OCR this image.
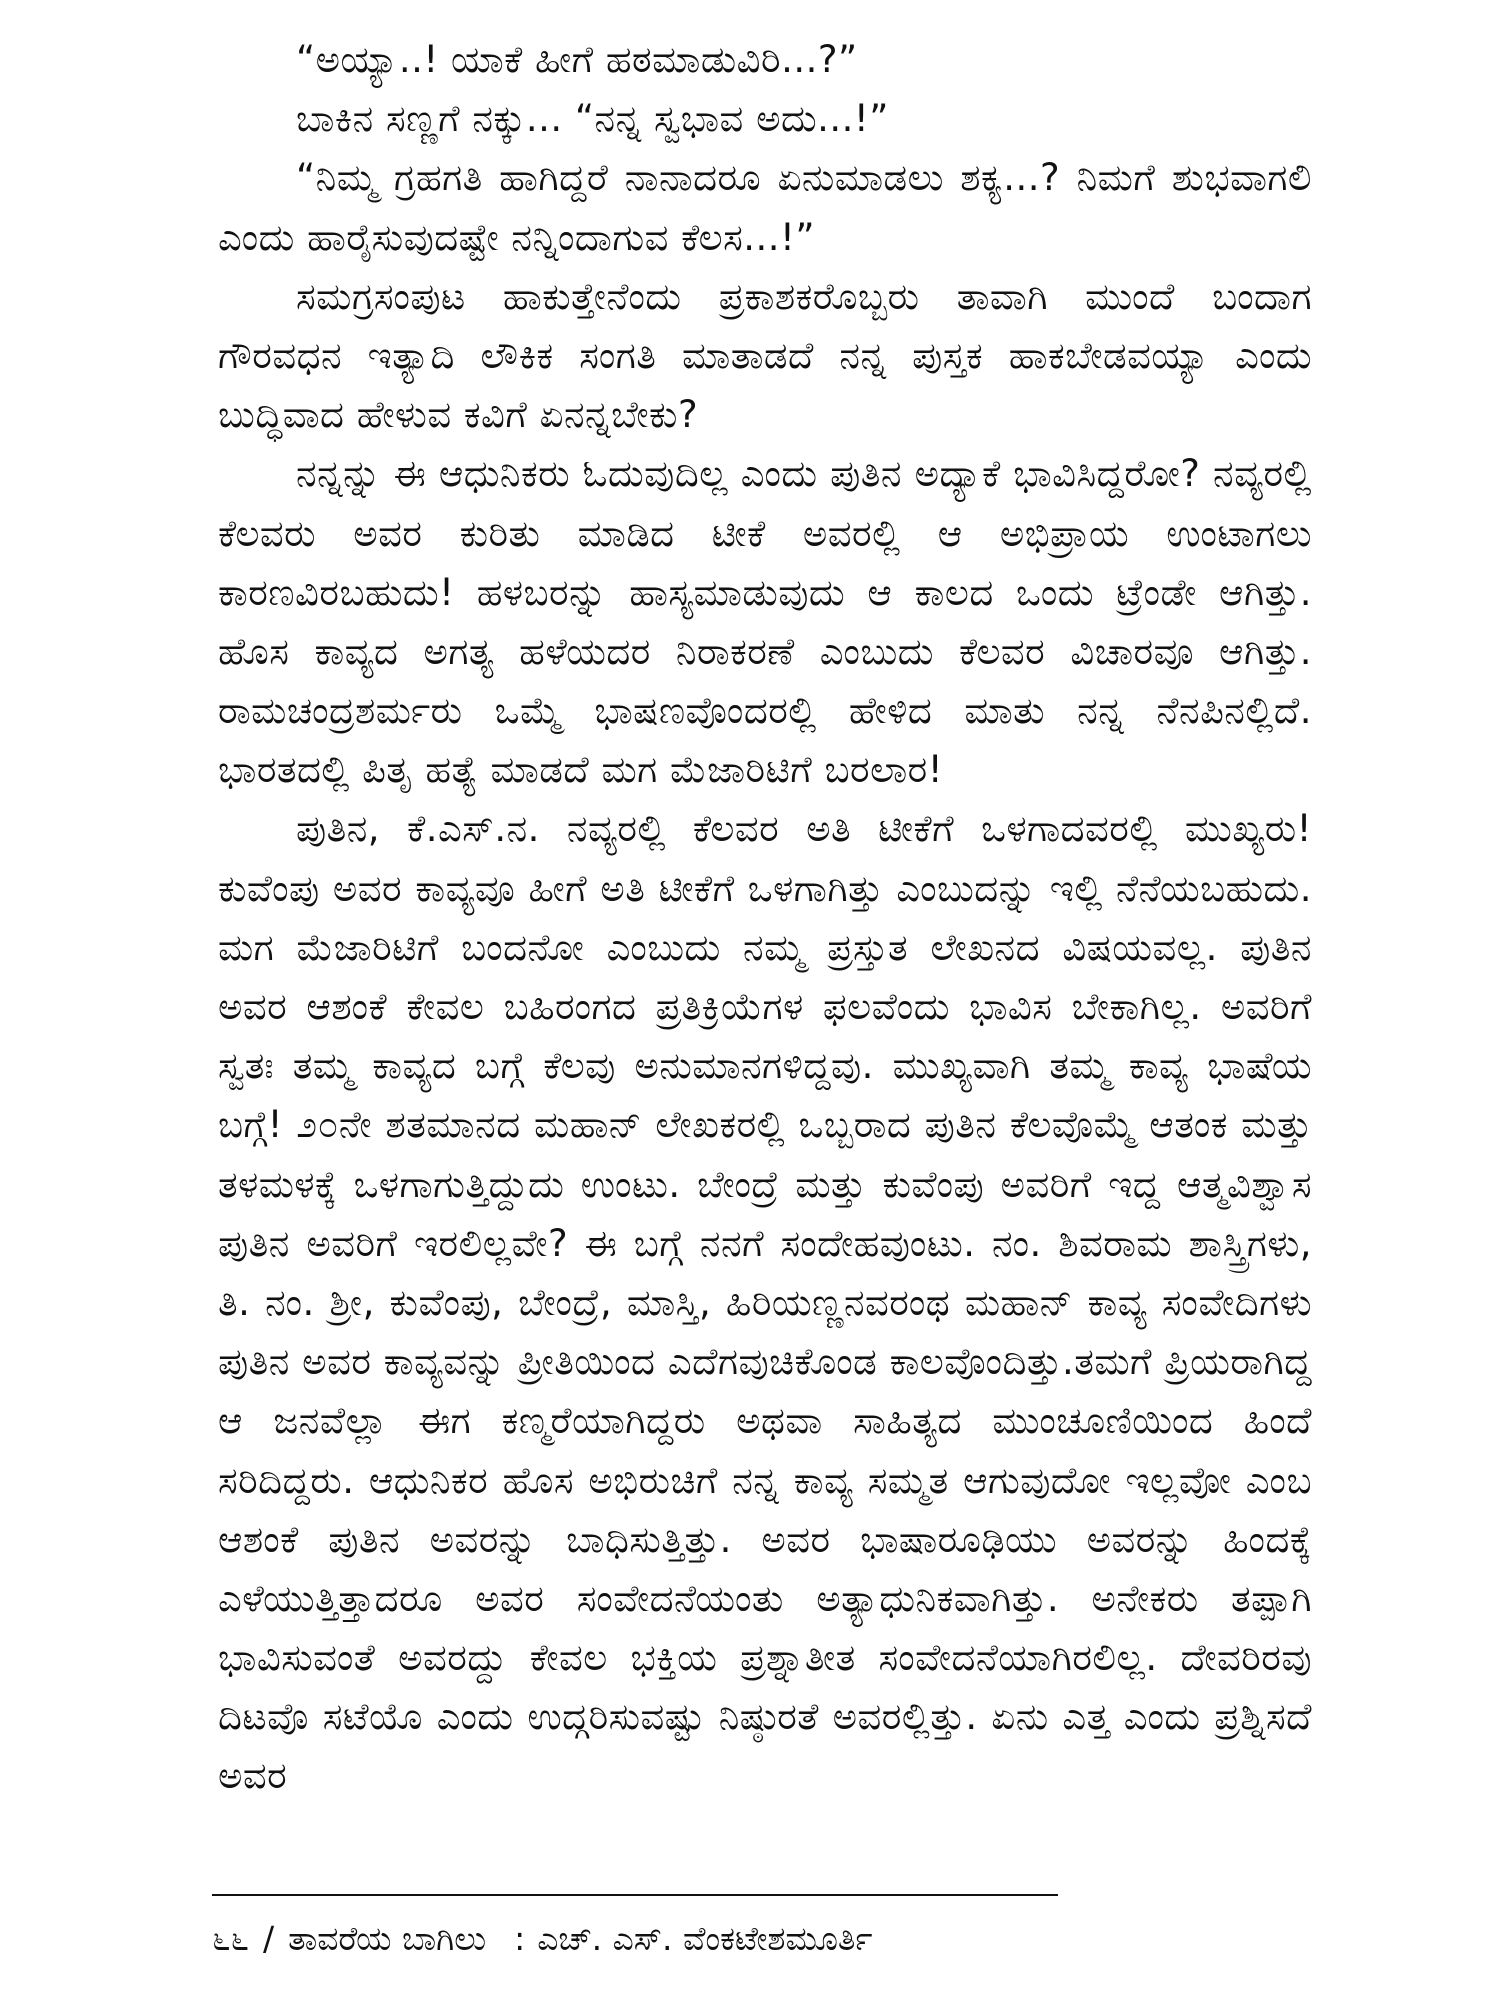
“ಅಯ್ಯಾ..! ಯಾಕೆ ಹೀಗೆ ಹಠಮಾಡುವಿರಿ...?”

ಬಾಕಿನ ಸಣ್ಣಗೆ ನಕ್ಕು... “ನನ್ನ ಸ್ವಭಾವ ಅದು...!”

“ನಿಮ್ಮ ಗ್ರಹಗತಿ ಹಾಗಿದ್ದರೆ ನಾನಾದರೂ ಏನುಮಾಡಲು ಶಕ್ಯ...? ನಿಮಗೆ ಶುಭವಾಗಲಿ ಎಂದು ಹಾರೈಸುವುದಷ್ಟೇ ನನ್ನಿಂದಾಗುವ ಕೆಲಸ...!”

ಸಮಗ್ರಸಂಪುಟ ಹಾಕುತ್ತೇನೆಂದು ಪ್ರಕಾಶಕರೊಬ್ಬರು ತಾವಾಗಿ ಮುಂದೆ ಬಂದಾಗ ಗೌರವಧನ ಇತ್ಯಾದಿ ಲೌಕಿಕ ಸಂಗತಿ ಮಾತಾಡದೆ ನನ್ನ ಪುಸ್ತಕ ಹಾಕಬೇಡವಯ್ಯಾ ಎಂದು ಬುದ್ಧಿವಾದ ಹೇಳುವ ಕವಿಗೆ ಏನನ್ನಬೇಕು?

ನನ್ನನ್ನು ಈ ಆಧುನಿಕರು ಓದುವುದಿಲ್ಲ ಎಂದು ಪುತಿನ ಅದ್ಯಾಕೆ ಭಾವಿಸಿದ್ದರೋ? ನವ್ಯರಲ್ಲಿ ಕೆಲವರು ಅವರ ಕುರಿತು ಮಾಡಿದ ಟೀಕೆ ಅವರಲ್ಲಿ ಆ ಅಭಿಪ್ರಾಯ ಉಂಟಾಗಲು ಕಾರಣವಿರಬಹುದು! ಹಳಬರನ್ನು ಹಾಸ್ಯಮಾಡುವುದು ಆ ಕಾಲದ ಒಂದು ಟ್ರೆಂಡೇ ಆಗಿತ್ತು. ಹೊಸ ಕಾವ್ಯದ ಅಗತ್ಯ ಹಳೆಯದರ ನಿರಾಕರಣೆ ಎಂಬುದು ಕೆಲವರ ವಿಚಾರವೂ ಆಗಿತ್ತು. ರಾಮಚಂದ್ರಶರ್ಮರು ಒಮ್ಮೆ ಭಾಷಣವೊಂದರಲ್ಲಿ ಹೇಳಿದ ಮಾತು ನನ್ನ ನೆನಪಿನಲ್ಲಿದೆ. ಭಾರತದಲ್ಲಿ ಪಿತೃ ಹತ್ಯೆ ಮಾಡದೆ ಮಗ ಮೆಜಾರಿಟಿಗೆ ಬರಲಾರ!

ಪುತಿನ, ಕೆ.ಎಸ್.ನ. ನವ್ಯರಲ್ಲಿ ಕೆಲವರ ಅತಿ ಟೀಕೆಗೆ ಒಳಗಾದವರಲ್ಲಿ ಮುಖ್ಯರು! ಕುವೆಂಪು ಅವರ ಕಾವ್ಯವೂ ಹೀಗೆ ಅತಿ ಟೀಕೆಗೆ ಒಳಗಾಗಿತ್ತು ಎಂಬುದನ್ನು ಇಲ್ಲಿ ನೆನೆಯಬಹುದು. ಮಗ ಮೆಜಾರಿಟಿಗೆ ಬಂದನೋ ಎಂಬುದು ನಮ್ಮ ಪ್ರಸ್ತುತ ಲೇಖನದ ವಿಷಯವಲ್ಲ. ಪುತಿನ ಅವರ ಆಶಂಕೆ ಕೇವಲ ಬಹಿರಂಗದ ಪ್ರತಿಕ್ರಿಯೆಗಳ ಫಲವೆಂದು ಭಾವಿಸ ಬೇಕಾಗಿಲ್ಲ. ಅವರಿಗೆ ಸ್ವತಃ ತಮ್ಮ ಕಾವ್ಯದ ಬಗ್ಗೆ ಕೆಲವು ಅನುಮಾನಗಳಿದ್ದವು. ಮುಖ್ಯವಾಗಿ ತಮ್ಮ ಕಾವ್ಯ ಭಾಷೆಯ ಬಗ್ಗೆ! ೨೦ನೇ ಶತಮಾನದ ಮಹಾನ್ ಲೇಖಕರಲ್ಲಿ ಒಬ್ಬರಾದ ಪುತಿನ ಕೆಲವೊಮ್ಮೆ ಆತಂಕ ಮತ್ತು ತಳಮಳಕ್ಕೆ ಒಳಗಾಗುತ್ತಿದ್ದುದು ಉಂಟು. ಬೇಂದ್ರೆ ಮತ್ತು ಕುವೆಂಪು ಅವರಿಗೆ ಇದ್ದ ಆತ್ಮವಿಶ್ವಾಸ ಪುತಿನ ಅವರಿಗೆ ಇರಲಿಲ್ಲವೇ? ಈ ಬಗ್ಗೆ ನನಗೆ ಸಂದೇಹವುಂಟು. ನಂ. ಶಿವರಾಮ ಶಾಸ್ತ್ರಿಗಳು, ತಿ. ನಂ. ಶ್ರೀ, ಕುವೆಂಪು, ಬೇಂದ್ರೆ, ಮಾಸ್ತಿ, ಹಿರಿಯಣ್ಣನವರಂಥ ಮಹಾನ್ ಕಾವ್ಯ ಸಂವೇದಿಗಳು ಪುತಿನ ಅವರ ಕಾವ್ಯವನ್ನು ಪ್ರೀತಿಯಿಂದ ಎದೆಗವುಚಿಕೊಂಡ ಕಾಲವೊಂದಿತ್ತು.ತಮಗೆ ಪ್ರಿಯರಾಗಿದ್ದ ಆ ಜನವೆಲ್ಲಾ ಈಗ ಕಣ್ಮರೆಯಾಗಿದ್ದರು ಅಥವಾ ಸಾಹಿತ್ಯದ ಮುಂಚೂಣಿಯಿಂದ ಹಿಂದೆ ಸರಿದಿದ್ದರು. ಆಧುನಿಕರ ಹೊಸ ಅಭಿರುಚಿಗೆ ನನ್ನ ಕಾವ್ಯ ಸಮ್ಮತ ಆಗುವುದೋ ಇಲ್ಲವೋ ಎಂಬ ಆಶಂಕೆ ಪುತಿನ ಅವರನ್ನು ಬಾಧಿಸುತ್ತಿತ್ತು. ಅವರ ಭಾಷಾರೂಢಿಯು ಅವರನ್ನು ಹಿಂದಕ್ಕೆ ಎಳೆಯುತ್ತಿತ್ತಾದರೂ ಅವರ ಸಂವೇದನೆಯಂತು ಅತ್ಯಾಧುನಿಕವಾಗಿತ್ತು. ಅನೇಕರು ತಪ್ಪಾಗಿ ಭಾವಿಸುವಂತೆ ಅವರದ್ದು ಕೇವಲ ಭಕ್ತಿಯ ಪ್ರಶ್ನಾತೀತ ಸಂವೇದನೆಯಾಗಿರಲಿಲ್ಲ. ದೇವರಿರವು ದಿಟವೊ ಸಟೆಯೊ ಎಂದು ಉದ್ಗರಿಸುವಷ್ಟು ನಿಷ್ಠುರತೆ ಅವರಲ್ಲಿತ್ತು. ಏನು ಎತ್ತ ಎಂದು ಪ್ರಶ್ನಿಸದೆ ಅವರ

೬೬ / ತಾವರೆಯ ಬಾಗಿಲು : ಎಚ್. ಎಸ್. ವೆಂಕಟೇಶಮೂರ್ತಿ
